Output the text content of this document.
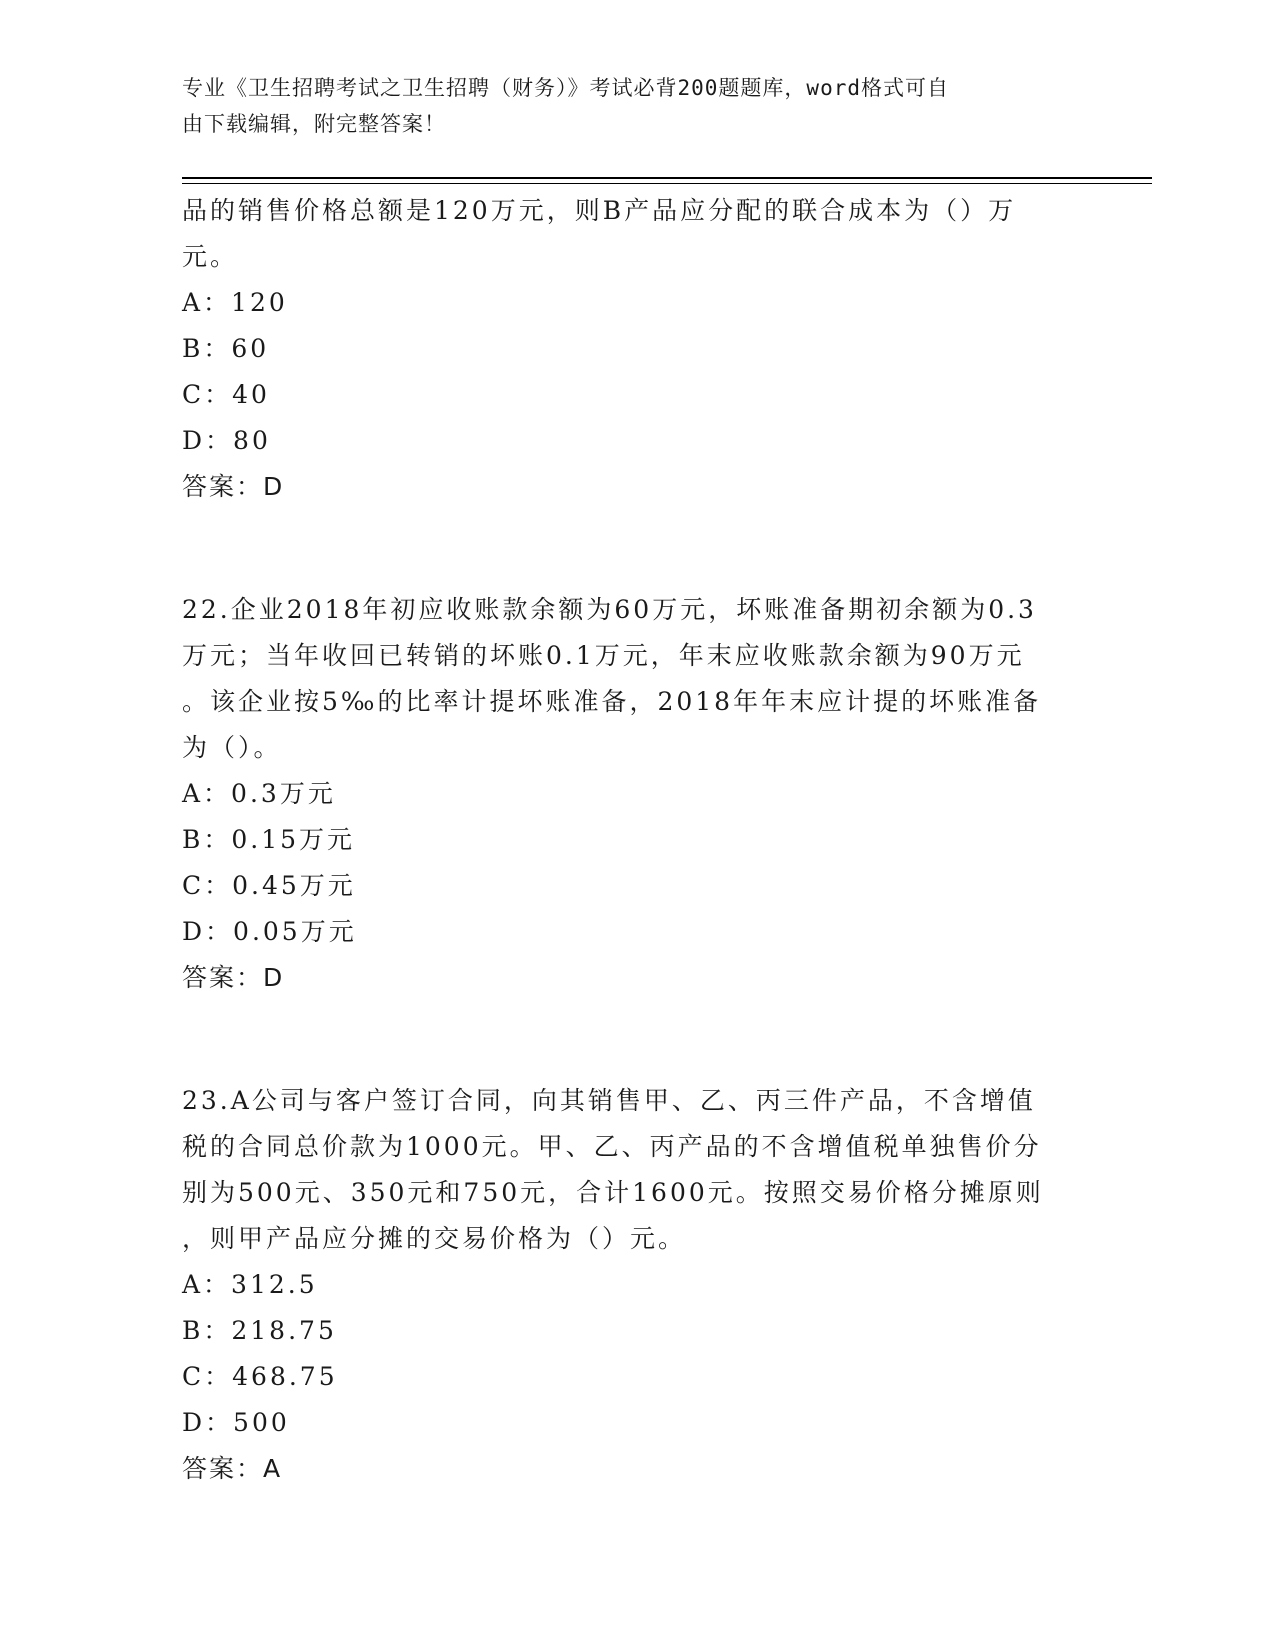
专业《卫生招聘考试之卫生招聘（财务）》考试必背200题题库，word格式可自
由下载编辑，附完整答案！
品的销售价格总额是120万元，则B产品应分配的联合成本为（）万
元。
A：120
B：60
C：40
D：80
答案：D
22.企业2018年初应收账款余额为60万元，坏账准备期初余额为0.3
万元；当年收回已转销的坏账0.1万元，年末应收账款余额为90万元
。该企业按5‰的比率计提坏账准备，2018年年末应计提的坏账准备
为（）。
A：0.3万元
B：0.15万元
C：0.45万元
D：0.05万元
答案：D
23.A公司与客户签订合同，向其销售甲、乙、丙三件产品，不含增值
税的合同总价款为1000元。甲、乙、丙产品的不含增值税单独售价分
别为500元、350元和750元，合计1600元。按照交易价格分摊原则
，则甲产品应分摊的交易价格为（）元。
A：312.5
B：218.75
C：468.75
D：500
答案：A
